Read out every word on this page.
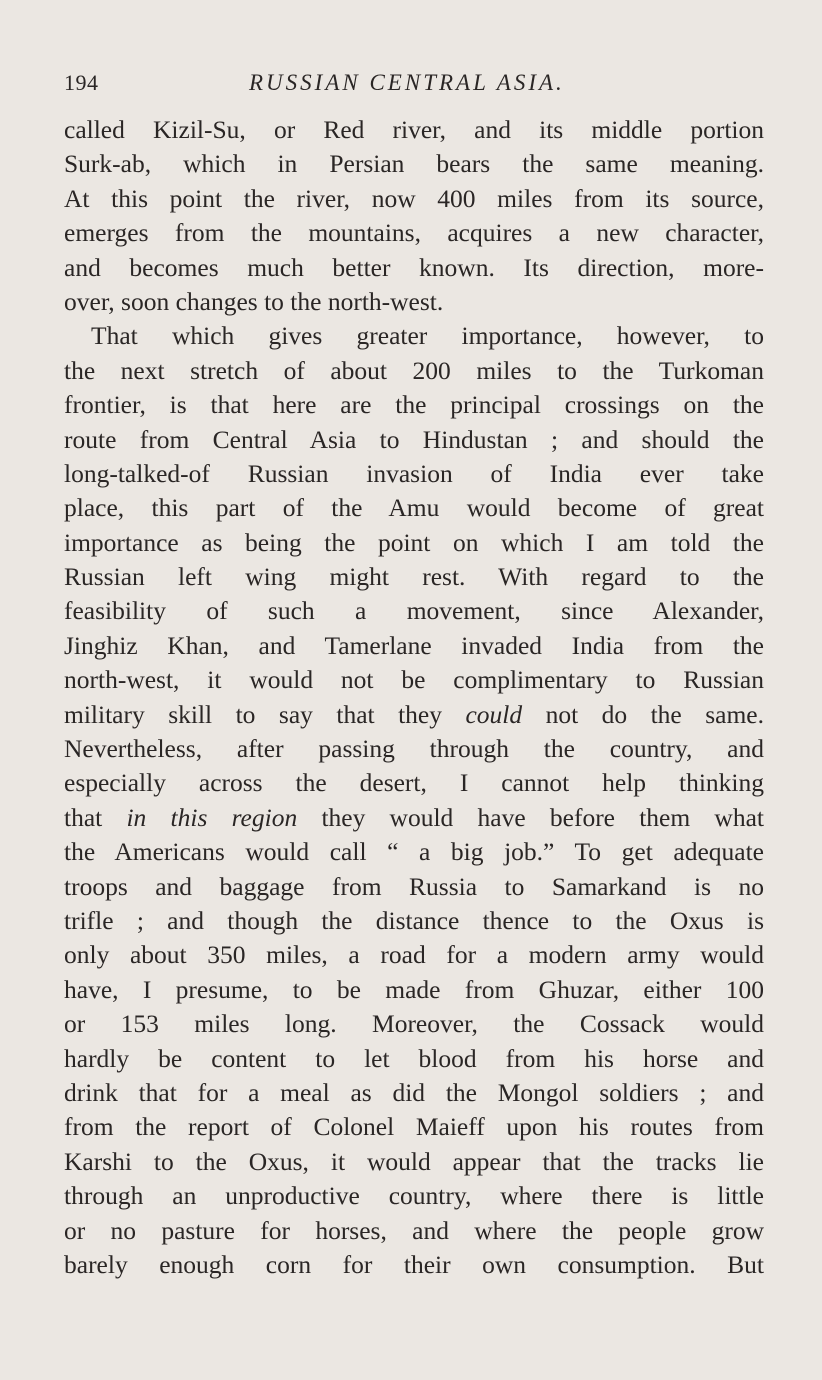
194	RUSSIAN CENTRAL ASIA.
called Kizil-Su, or Red river, and its middle portion
Surk-ab, which in Persian bears the same meaning.
At this point the river, now 400 miles from its source,
emerges from the mountains, acquires a new character,
and becomes much better known. Its direction, more-
over, soon changes to the north-west.
That which gives greater importance, however, to
the next stretch of about 200 miles to the Turkoman
frontier, is that here are the principal crossings on the
route from Central Asia to Hindustan ; and should the
long-talked-of Russian invasion of India ever take
place, this part of the Amu would become of great
importance as being the point on which I am told the
Russian left wing might rest. With regard to the
feasibility of such a movement, since Alexander,
Jinghiz Khan, and Tamerlane invaded India from the
north-west, it would not be complimentary to Russian
military skill to say that they could not do the same.
Nevertheless, after passing through the country, and
especially across the desert, I cannot help thinking
that in this region they would have before them what
the Americans would call “ a big job.” To get adequate
troops and baggage from Russia to Samarkand is no
trifle ; and though the distance thence to the Oxus is
only about 350 miles, a road for a modern army would
have, I presume, to be made from Ghuzar, either 100
or 153 miles long. Moreover, the Cossack would
hardly be content to let blood from his horse and
drink that for a meal as did the Mongol soldiers ; and
from the report of Colonel Maieff upon his routes from
Karshi to the Oxus, it would appear that the tracks lie
through an unproductive country, where there is little
or no pasture for horses, and where the people grow
barely enough corn for their own consumption. But
